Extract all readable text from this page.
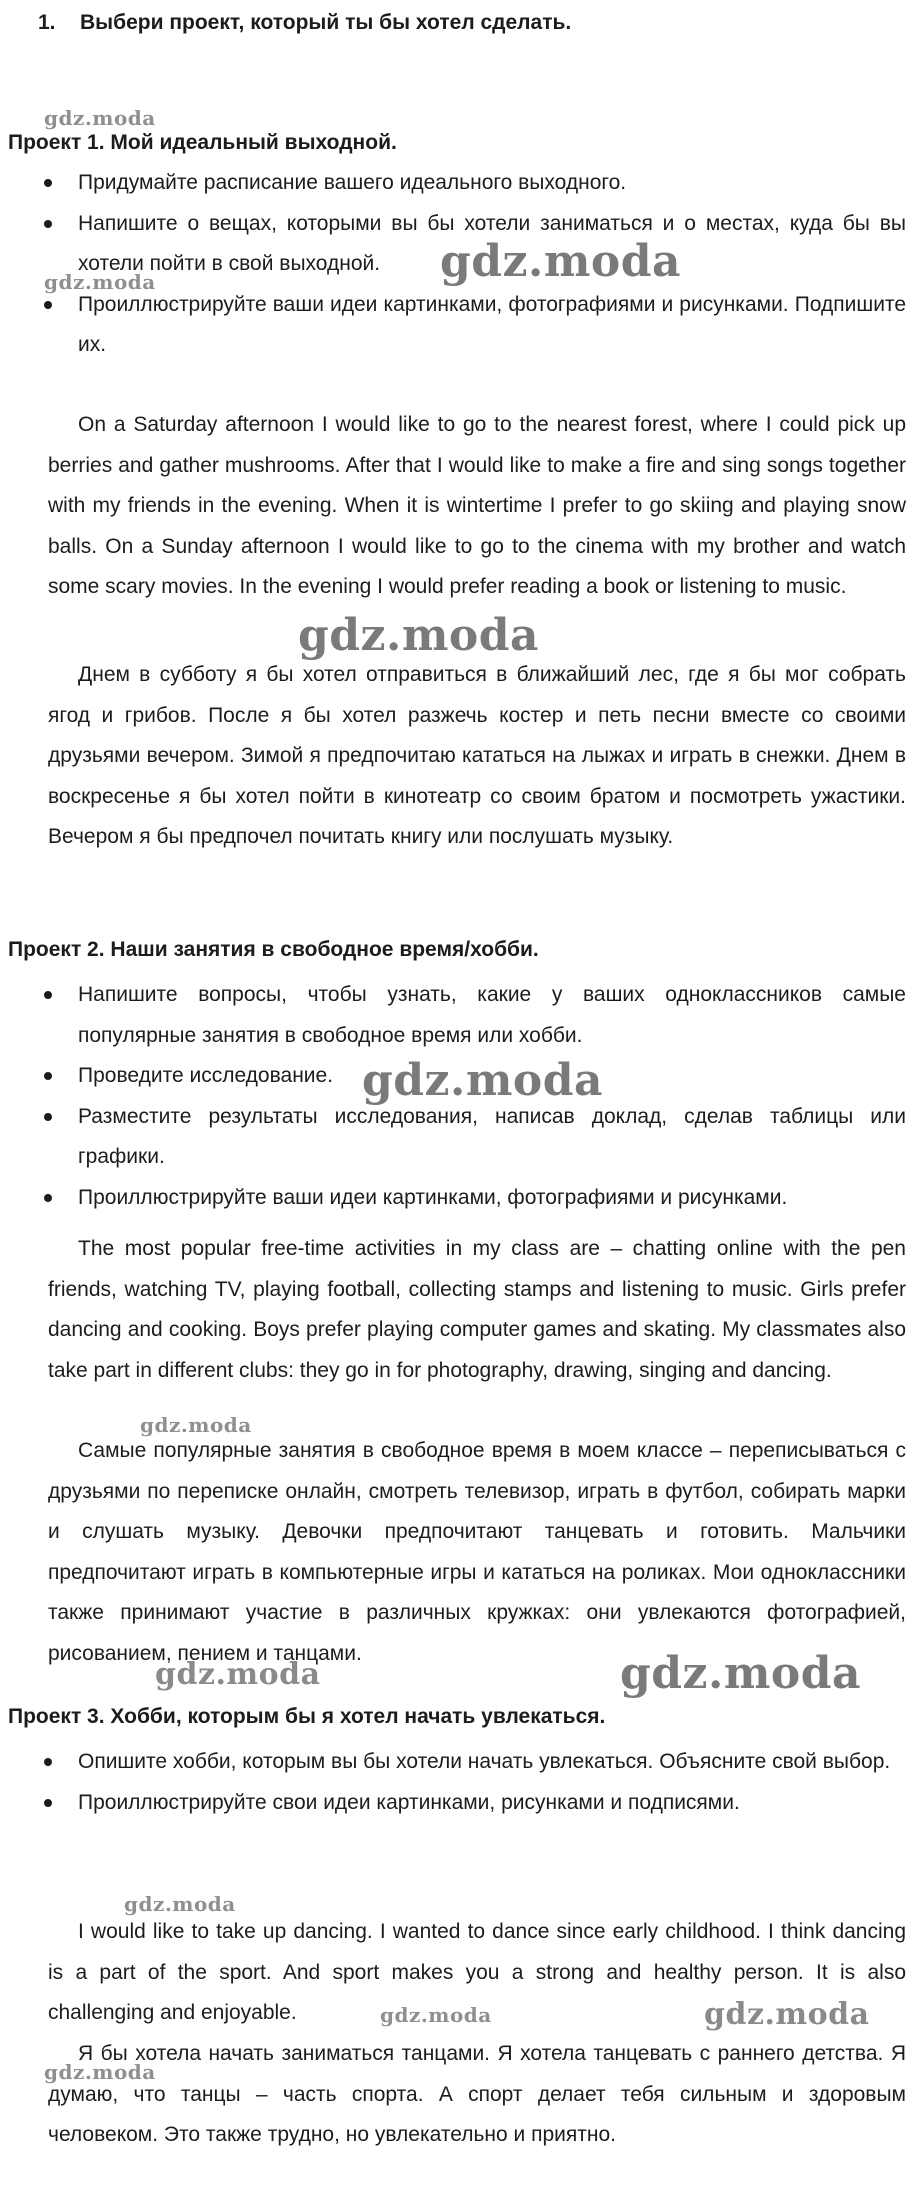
1. Выбери проект, который ты бы хотел сделать.
Проект 1. Мой идеальный выходной.
Придумайте расписание вашего идеального выходного.
Напишите о вещах, которыми вы бы хотели заниматься и о местах, куда бы вы хотели пойти в свой выходной.
Проиллюстрируйте ваши идеи картинками, фотографиями и рисунками. Подпишите их.

On a Saturday afternoon I would like to go to the nearest forest, where I could pick up berries and gather mushrooms. After that I would like to make a fire and sing songs together with my friends in the evening. When it is wintertime I prefer to go skiing and playing snow balls. On a Sunday afternoon I would like to go to the cinema with my brother and watch some scary movies. In the evening I would prefer reading a book or listening to music.

Днем в субботу я бы хотел отправиться в ближайший лес, где я бы мог собрать ягод и грибов. После я бы хотел разжечь костер и петь песни вместе со своими друзьями вечером. Зимой я предпочитаю кататься на лыжах и играть в снежки. Днем в воскресенье я бы хотел пойти в кинотеатр со своим братом и посмотреть ужастики. Вечером я бы предпочел почитать книгу или послушать музыку.

Проект 2. Наши занятия в свободное время/хобби.
Напишите вопросы, чтобы узнать, какие у ваших одноклассников самые популярные занятия в свободное время или хобби.
Проведите исследование.
Разместите результаты исследования, написав доклад, сделав таблицы или графики.
Проиллюстрируйте ваши идеи картинками, фотографиями и рисунками.

The most popular free-time activities in my class are – chatting online with the pen friends, watching TV, playing football, collecting stamps and listening to music. Girls prefer dancing and cooking. Boys prefer playing computer games and skating. My classmates also take part in different clubs: they go in for photography, drawing, singing and dancing.

Самые популярные занятия в свободное время в моем классе – переписываться с друзьями по переписке онлайн, смотреть телевизор, играть в футбол, собирать марки и слушать музыку. Девочки предпочитают танцевать и готовить. Мальчики предпочитают играть в компьютерные игры и кататься на роликах. Мои одноклассники также принимают участие в различных кружках: они увлекаются фотографией, рисованием, пением и танцами.

Проект 3. Хобби, которым бы я хотел начать увлекаться.
Опишите хобби, которым вы бы хотели начать увлекаться. Объясните свой выбор.
Проиллюстрируйте свои идеи картинками, рисунками и подписями.

I would like to take up dancing. I wanted to dance since early childhood. I think dancing is a part of the sport. And sport makes you a strong and healthy person. It is also challenging and enjoyable.

Я бы хотела начать заниматься танцами. Я хотела танцевать с раннего детства. Я думаю, что танцы – часть спорта. А спорт делает тебя сильным и здоровым человеком. Это также трудно, но увлекательно и приятно.

gdz.moda
gdz.moda
gdz.moda
gdz.moda
gdz.moda
gdz.moda
gdz.moda	gdz.moda
gdz.moda
gdz.moda	gdz.moda
gdz.moda
